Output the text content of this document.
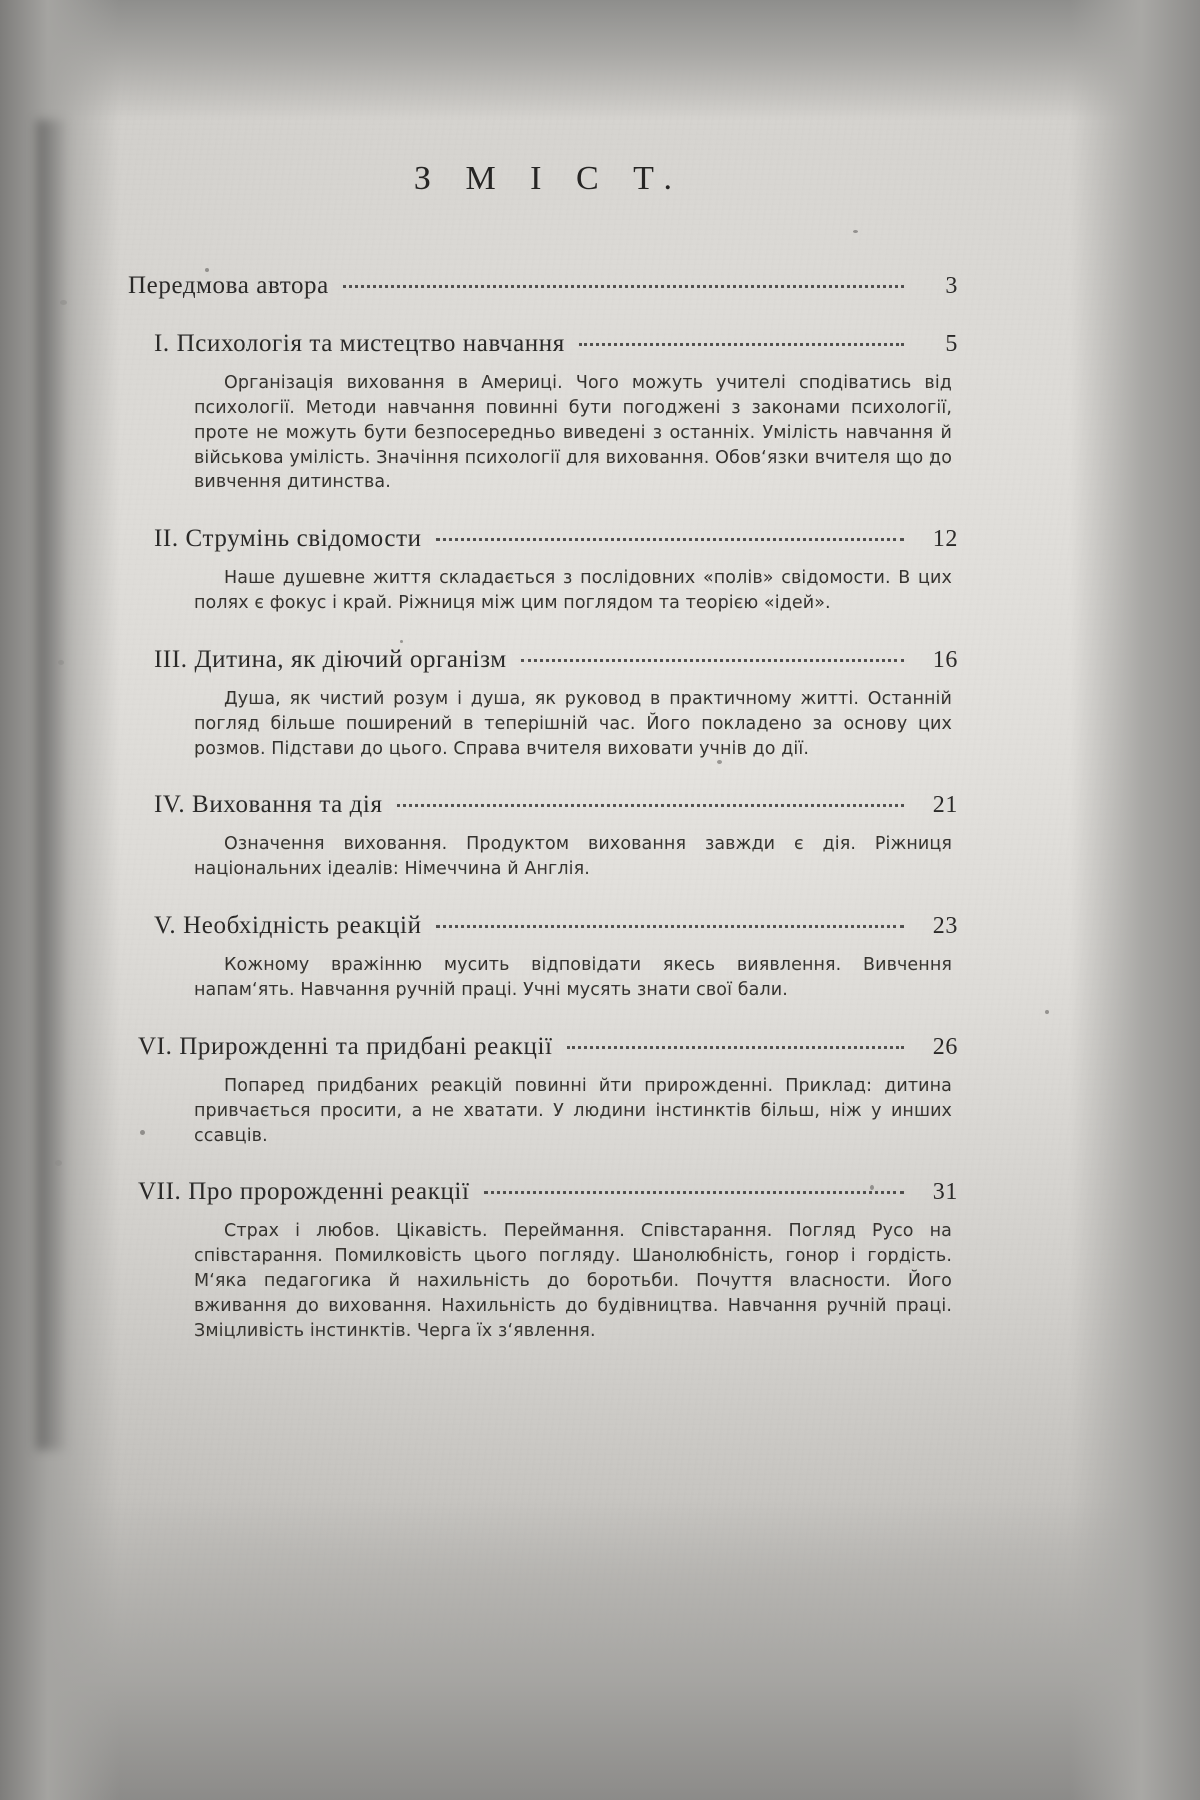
З М І С Т.
Передмова автора	3
I. Психологія та мистецтво навчання	5

Організація виховання в Америці. Чого можуть учителі сподіватись від психології. Методи навчання повинні бути погоджені з законами психології, проте не можуть бути безпосередньо виведені з останніх. Умілість навчання й військова умілість. Значіння психології для виховання. Обов‘язки вчителя що до вивчення дитинства.

II. Струмінь свідомости	12

Наше душевне життя складається з послідовних «полів» свідомости. В цих полях є фокус і край. Ріжниця між цим поглядом та теорією «ідей».

III. Дитина, як діючий організм	16

Душа, як чистий розум і душа, як руковод в практичному житті. Останній погляд більше поширений в теперішній час. Його покладено за основу цих розмов. Підстави до цього. Справа вчителя виховати учнів до дії.

IV. Виховання та дія	21

Означення виховання. Продуктом виховання завжди є дія. Ріжниця національних ідеалів: Німеччина й Англія.

V. Необхідність реакцій	23

Кожному вражінню мусить відповідати якесь виявлення. Вивчення напам‘ять. Навчання ручній праці. Учні мусять знати свої бали.

VI. Прирожденні та придбані реакції	26

Попаред придбаних реакцій повинні йти прирожденні. Приклад: дитина привчається просити, а не хватати. У людини інстинктів більш, ніж у инших ссавців.

VII. Про пророжденні реакції	31

Страх і любов. Цікавість. Переймання. Співстарання. Погляд Русо на співстарання. Помилковість цього погляду. Шанолюбність, гонор і гордість. М‘яка педагогика й нахильність до боротьби. Почуття власности. Його вживання до виховання. Нахильність до будівництва. Навчання ручній праці. Зміцливість інстинктів. Черга їх з‘явлення.
